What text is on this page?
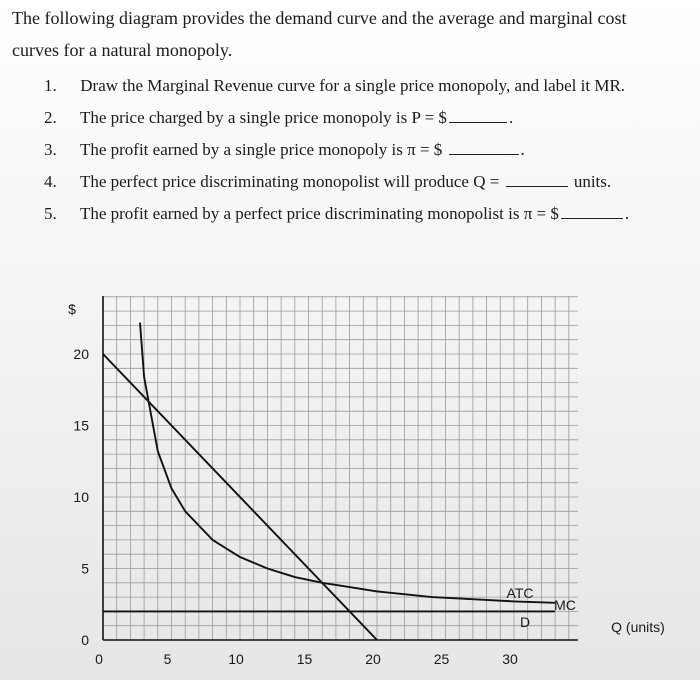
The following diagram provides the demand curve and the average and marginal cost
curves for a natural monopoly.
1. Draw the Marginal Revenue curve for a single price monopoly, and label it MR.
2. The price charged by a single price monopoly is P = $	.
3. The profit earned by a single price monopoly is π = $	.
4. The perfect price discriminating monopolist will produce Q =	units.
5. The profit earned by a perfect price discriminating monopolist is π = $	.
0	5	10	15	20	25	30
0
5
10
15
20
$
Q (units)
ATC
MC
D
